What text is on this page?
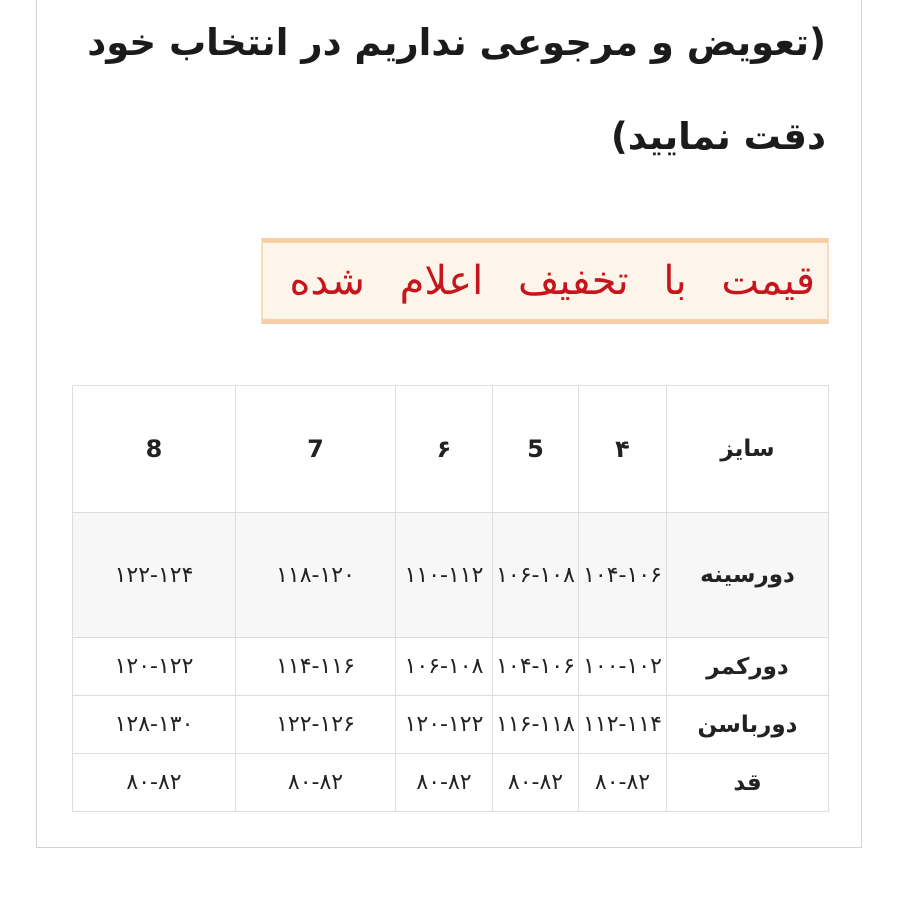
(تعویض و مرجوعی نداریم در انتخاب خود
دقت نمایید)
قیمت با تخفیف اعلام شده
8	7	۶	5	۴	سایز
۱۲۲-۱۲۴	۱۱۸-۱۲۰	۱۱۰-۱۱۲	۱۰۶-۱۰۸	۱۰۴-۱۰۶	دورسینه
۱۲۰-۱۲۲	۱۱۴-۱۱۶	۱۰۶-۱۰۸	۱۰۴-۱۰۶	۱۰۰-۱۰۲	دورکمر
۱۲۸-۱۳۰	۱۲۲-۱۲۶	۱۲۰-۱۲۲	۱۱۶-۱۱۸	۱۱۲-۱۱۴	دورباسن
۸۰-۸۲	۸۰-۸۲	۸۰-۸۲	۸۰-۸۲	۸۰-۸۲	قد
